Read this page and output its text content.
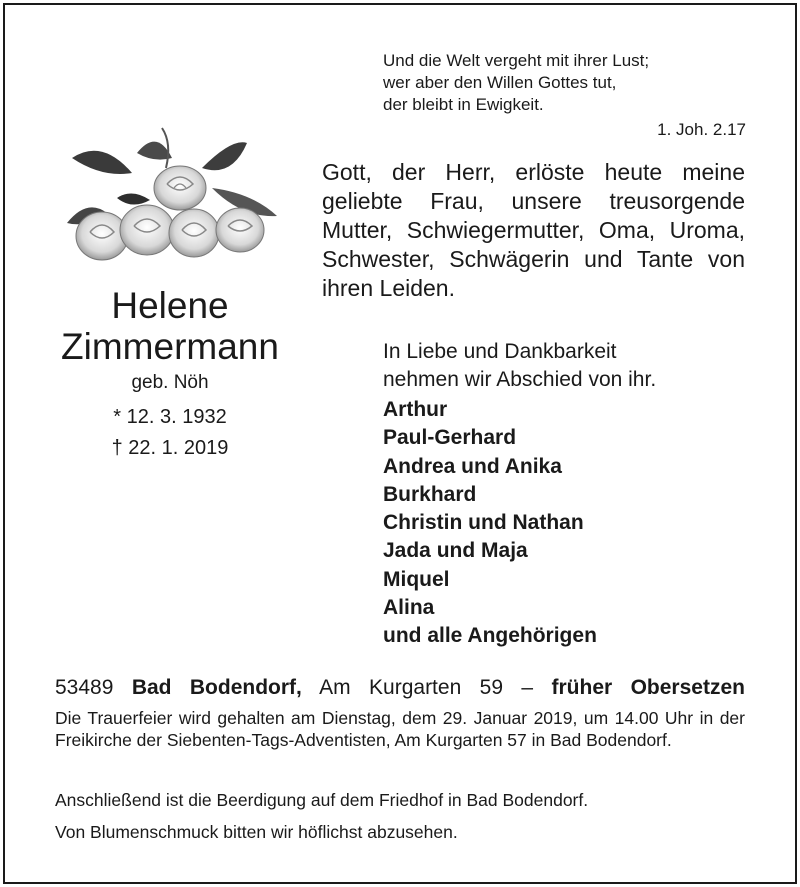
Und die Welt vergeht mit ihrer Lust;
wer aber den Willen Gottes tut,
der bleibt in Ewigkeit.
1. Joh. 2.17
Gott, der Herr, erlöste heute meine geliebte Frau, unsere treusorgende Mutter, Schwiegermutter, Oma, Uroma, Schwester, Schwägerin und Tante von ihren Leiden.
Helene
Zimmermann
geb. Nöh
* 12. 3. 1932
† 22. 1. 2019
In Liebe und Dankbarkeit
nehmen wir Abschied von ihr.
Arthur
Paul-Gerhard
Andrea und Anika
Burkhard
Christin und Nathan
Jada und Maja
Miquel
Alina
und alle Angehörigen
53489 Bad Bodendorf, Am Kurgarten 59 – früher Obersetzen
Die Trauerfeier wird gehalten am Dienstag, dem 29. Januar 2019, um 14.00 Uhr in der Freikirche der Siebenten-Tags-Adventisten, Am Kurgarten 57 in Bad Bodendorf.
Anschließend ist die Beerdigung auf dem Friedhof in Bad Bodendorf.
Von Blumenschmuck bitten wir höflichst abzusehen.
